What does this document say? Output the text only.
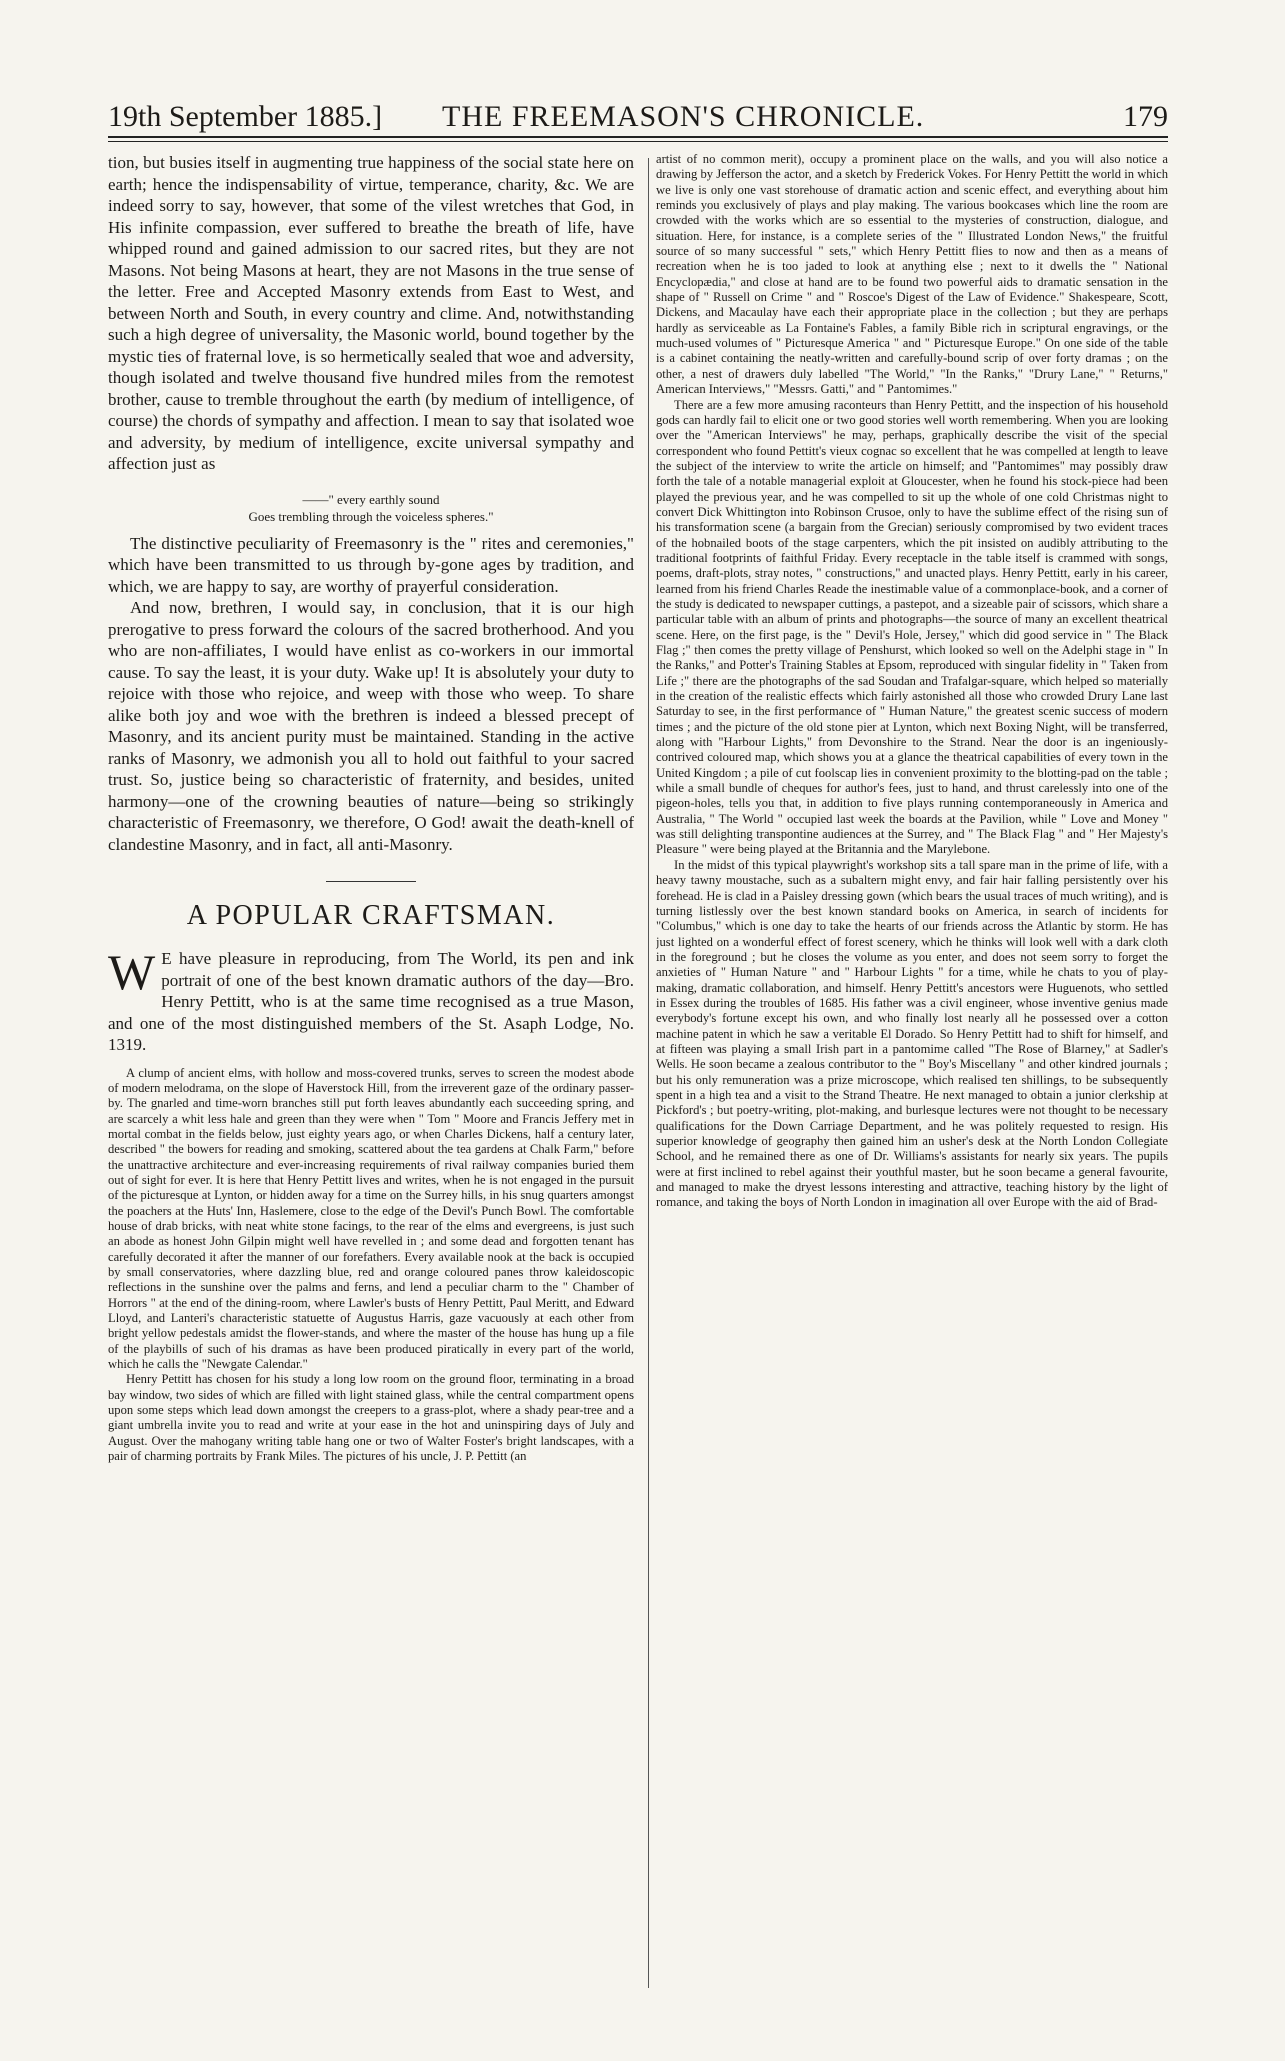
19th September 1885.] THE FREEMASON'S CHRONICLE.	179

tion, but busies itself in augmenting true happiness of the social state here on earth; hence the indispensability of virtue, temperance, charity, &c. We are indeed sorry to say, however, that some of the vilest wretches that God, in His infinite compassion, ever suffered to breathe the breath of life, have whipped round and gained admission to our sacred rites, but they are not Masons. Not being Masons at heart, they are not Masons in the true sense of the letter. Free and Accepted Masonry extends from East to West, and between North and South, in every country and clime. And, notwithstanding such a high degree of universality, the Masonic world, bound together by the mystic ties of fraternal love, is so hermetically sealed that woe and adversity, though isolated and twelve thousand five hundred miles from the remotest brother, cause to tremble throughout the earth (by medium of intelligence, of course) the chords of sympathy and affection. I mean to say that isolated woe and adversity, by medium of intelligence, excite universal sympathy and affection just as

——" every earthly sound

Goes trembling through the voiceless spheres."

The distinctive peculiarity of Freemasonry is the " rites and ceremonies," which have been transmitted to us through by-gone ages by tradition, and which, we are happy to say, are worthy of prayerful consideration.

And now, brethren, I would say, in conclusion, that it is our high prerogative to press forward the colours of the sacred brotherhood. And you who are non-affiliates, I would have enlist as co-workers in our immortal cause. To say the least, it is your duty. Wake up! It is absolutely your duty to rejoice with those who rejoice, and weep with those who weep. To share alike both joy and woe with the brethren is indeed a blessed precept of Masonry, and its ancient purity must be maintained. Standing in the active ranks of Masonry, we admonish you all to hold out faithful to your sacred trust. So, justice being so characteristic of fraternity, and besides, united harmony—one of the crowning beauties of nature—being so strikingly characteristic of Freemasonry, we therefore, O God! await the death-knell of clandestine Masonry, and in fact, all anti-Masonry.

A POPULAR CRAFTSMAN.

W E have pleasure in reproducing, from The World, its pen and ink portrait of one of the best known dramatic authors of the day—Bro. Henry Pettitt, who is at the same time recognised as a true Mason, and one of the most distinguished members of the St. Asaph Lodge, No. 1319.

A clump of ancient elms, with hollow and moss-covered trunks, serves to screen the modest abode of modern melodrama, on the slope of Haverstock Hill, from the irreverent gaze of the ordinary passer-by. The gnarled and time-worn branches still put forth leaves abundantly each succeeding spring, and are scarcely a whit less hale and green than they were when " Tom " Moore and Francis Jeffery met in mortal combat in the fields below, just eighty years ago, or when Charles Dickens, half a century later, described " the bowers for reading and smoking, scattered about the tea gardens at Chalk Farm," before the unattractive architecture and ever-increasing requirements of rival railway companies buried them out of sight for ever. It is here that Henry Pettitt lives and writes, when he is not engaged in the pursuit of the picturesque at Lynton, or hidden away for a time on the Surrey hills, in his snug quarters amongst the poachers at the Huts' Inn, Haslemere, close to the edge of the Devil's Punch Bowl. The comfortable house of drab bricks, with neat white stone facings, to the rear of the elms and evergreens, is just such an abode as honest John Gilpin might well have revelled in ; and some dead and forgotten tenant has carefully decorated it after the manner of our forefathers. Every available nook at the back is occupied by small conservatories, where dazzling blue, red and orange coloured panes throw kaleidoscopic reflections in the sunshine over the palms and ferns, and lend a peculiar charm to the " Chamber of Horrors " at the end of the dining-room, where Lawler's busts of Henry Pettitt, Paul Meritt, and Edward Lloyd, and Lanteri's characteristic statuette of Augustus Harris, gaze vacuously at each other from bright yellow pedestals amidst the flower-stands, and where the master of the house has hung up a file of the playbills of such of his dramas as have been produced piratically in every part of the world, which he calls the "Newgate Calendar."

Henry Pettitt has chosen for his study a long low room on the ground floor, terminating in a broad bay window, two sides of which are filled with light stained glass, while the central compartment opens upon some steps which lead down amongst the creepers to a grass-plot, where a shady pear-tree and a giant umbrella invite you to read and write at your ease in the hot and uninspiring days of July and August. Over the mahogany writing table hang one or two of Walter Foster's bright landscapes, with a pair of charming portraits by Frank Miles. The pictures of his uncle, J. P. Pettitt (an

artist of no common merit), occupy a prominent place on the walls, and you will also notice a drawing by Jefferson the actor, and a sketch by Frederick Vokes. For Henry Pettitt the world in which we live is only one vast storehouse of dramatic action and scenic effect, and everything about him reminds you exclusively of plays and play making. The various bookcases which line the room are crowded with the works which are so essential to the mysteries of construction, dialogue, and situation. Here, for instance, is a complete series of the " Illustrated London News," the fruitful source of so many successful " sets," which Henry Pettitt flies to now and then as a means of recreation when he is too jaded to look at anything else ; next to it dwells the " National Encyclopædia," and close at hand are to be found two powerful aids to dramatic sensation in the shape of " Russell on Crime " and " Roscoe's Digest of the Law of Evidence." Shakespeare, Scott, Dickens, and Macaulay have each their appropriate place in the collection ; but they are perhaps hardly as serviceable as La Fontaine's Fables, a family Bible rich in scriptural engravings, or the much-used volumes of " Picturesque America " and " Picturesque Europe." On one side of the table is a cabinet containing the neatly-written and carefully-bound scrip of over forty dramas ; on the other, a nest of drawers duly labelled "The World," "In the Ranks," "Drury Lane," " Returns," American Interviews," "Messrs. Gatti," and " Pantomimes."

There are a few more amusing raconteurs than Henry Pettitt, and the inspection of his household gods can hardly fail to elicit one or two good stories well worth remembering. When you are looking over the "American Interviews" he may, perhaps, graphically describe the visit of the special correspondent who found Pettitt's vieux cognac so excellent that he was compelled at length to leave the subject of the interview to write the article on himself; and "Pantomimes" may possibly draw forth the tale of a notable managerial exploit at Gloucester, when he found his stock-piece had been played the previous year, and he was compelled to sit up the whole of one cold Christmas night to convert Dick Whittington into Robinson Crusoe, only to have the sublime effect of the rising sun of his transformation scene (a bargain from the Grecian) seriously compromised by two evident traces of the hobnailed boots of the stage carpenters, which the pit insisted on audibly attributing to the traditional footprints of faithful Friday. Every receptacle in the table itself is crammed with songs, poems, draft-plots, stray notes, " constructions," and unacted plays. Henry Pettitt, early in his career, learned from his friend Charles Reade the inestimable value of a commonplace-book, and a corner of the study is dedicated to newspaper cuttings, a pastepot, and a sizeable pair of scissors, which share a particular table with an album of prints and photographs—the source of many an excellent theatrical scene. Here, on the first page, is the " Devil's Hole, Jersey," which did good service in " The Black Flag ;" then comes the pretty village of Penshurst, which looked so well on the Adelphi stage in " In the Ranks," and Potter's Training Stables at Epsom, reproduced with singular fidelity in " Taken from Life ;" there are the photographs of the sad Soudan and Trafalgar-square, which helped so materially in the creation of the realistic effects which fairly astonished all those who crowded Drury Lane last Saturday to see, in the first performance of " Human Nature," the greatest scenic success of modern times ; and the picture of the old stone pier at Lynton, which next Boxing Night, will be transferred, along with "Harbour Lights," from Devonshire to the Strand. Near the door is an ingeniously-contrived coloured map, which shows you at a glance the theatrical capabilities of every town in the United Kingdom ; a pile of cut foolscap lies in convenient proximity to the blotting-pad on the table ; while a small bundle of cheques for author's fees, just to hand, and thrust carelessly into one of the pigeon-holes, tells you that, in addition to five plays running contemporaneously in America and Australia, " The World " occupied last week the boards at the Pavilion, while " Love and Money " was still delighting transpontine audiences at the Surrey, and " The Black Flag " and " Her Majesty's Pleasure " were being played at the Britannia and the Marylebone.

In the midst of this typical playwright's workshop sits a tall spare man in the prime of life, with a heavy tawny moustache, such as a subaltern might envy, and fair hair falling persistently over his forehead. He is clad in a Paisley dressing gown (which bears the usual traces of much writing), and is turning listlessly over the best known standard books on America, in search of incidents for "Columbus," which is one day to take the hearts of our friends across the Atlantic by storm. He has just lighted on a wonderful effect of forest scenery, which he thinks will look well with a dark cloth in the foreground ; but he closes the volume as you enter, and does not seem sorry to forget the anxieties of " Human Nature " and " Harbour Lights " for a time, while he chats to you of play-making, dramatic collaboration, and himself. Henry Pettitt's ancestors were Huguenots, who settled in Essex during the troubles of 1685. His father was a civil engineer, whose inventive genius made everybody's fortune except his own, and who finally lost nearly all he possessed over a cotton machine patent in which he saw a veritable El Dorado. So Henry Pettitt had to shift for himself, and at fifteen was playing a small Irish part in a pantomime called "The Rose of Blarney," at Sadler's Wells. He soon became a zealous contributor to the " Boy's Miscellany " and other kindred journals ; but his only remuneration was a prize microscope, which realised ten shillings, to be subsequently spent in a high tea and a visit to the Strand Theatre. He next managed to obtain a junior clerkship at Pickford's ; but poetry-writing, plot-making, and burlesque lectures were not thought to be necessary qualifications for the Down Carriage Department, and he was politely requested to resign. His superior knowledge of geography then gained him an usher's desk at the North London Collegiate School, and he remained there as one of Dr. Williams's assistants for nearly six years. The pupils were at first inclined to rebel against their youthful master, but he soon became a general favourite, and managed to make the dryest lessons interesting and attractive, teaching history by the light of romance, and taking the boys of North London in imagination all over Europe with the aid of Brad-
